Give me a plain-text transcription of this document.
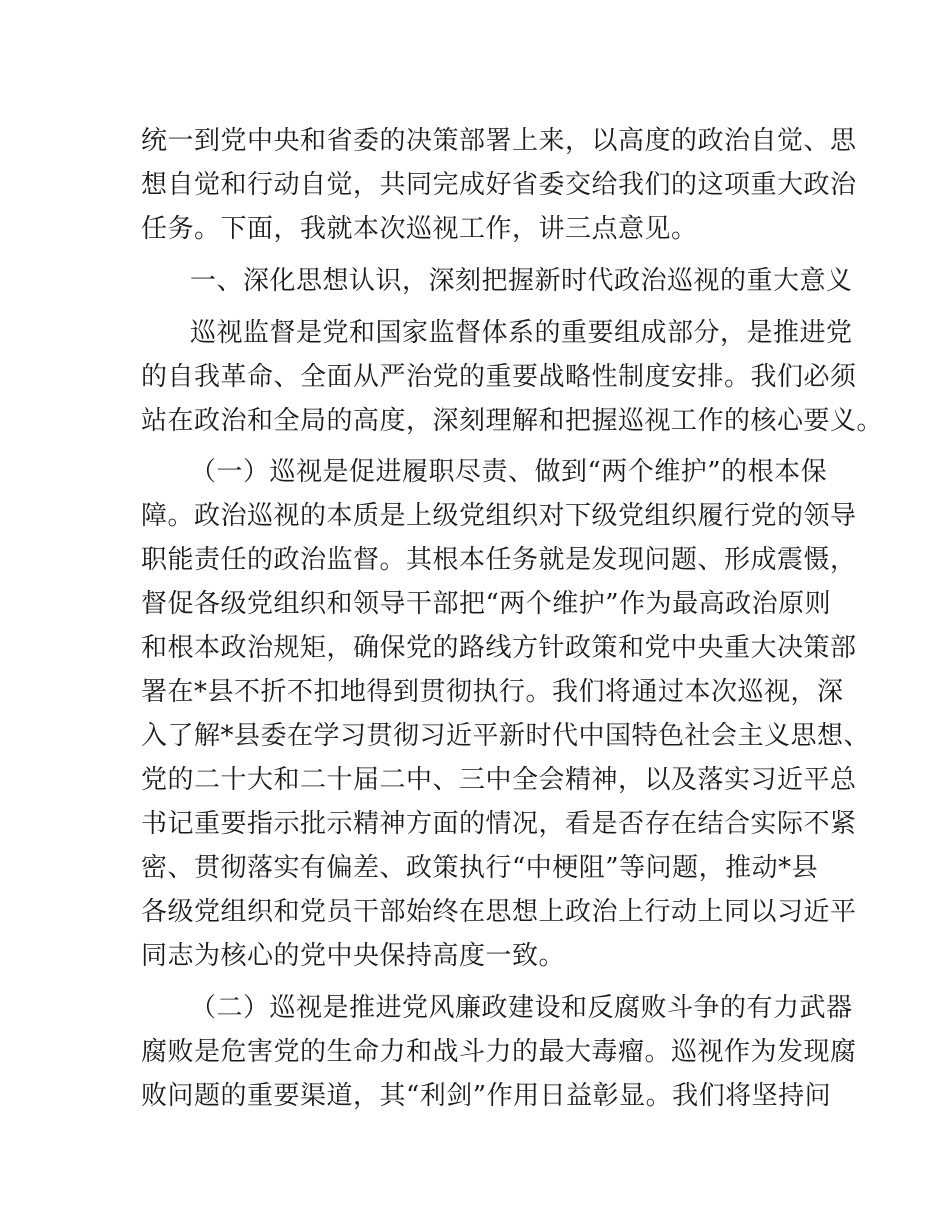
统一到党中央和省委的决策部署上来，以高度的政治自觉、思
想自觉和行动自觉，共同完成好省委交给我们的这项重大政治
任务。下面，我就本次巡视工作，讲三点意见。
一、深化思想认识，深刻把握新时代政治巡视的重大意义
巡视监督是党和国家监督体系的重要组成部分，是推进党
的自我革命、全面从严治党的重要战略性制度安排。我们必须
站在政治和全局的高度，深刻理解和把握巡视工作的核心要义。
（一）巡视是促进履职尽责、做到“两个维护”的根本保
障。政治巡视的本质是上级党组织对下级党组织履行党的领导
职能责任的政治监督。其根本任务就是发现问题、形成震慑，
督促各级党组织和领导干部把“两个维护”作为最高政治原则
和根本政治规矩，确保党的路线方针政策和党中央重大决策部
署在*县不折不扣地得到贯彻执行。我们将通过本次巡视，深
入了解*县委在学习贯彻习近平新时代中国特色社会主义思想、
党的二十大和二十届二中、三中全会精神，以及落实习近平总
书记重要指示批示精神方面的情况，看是否存在结合实际不紧
密、贯彻落实有偏差、政策执行“中梗阻”等问题，推动*县
各级党组织和党员干部始终在思想上政治上行动上同以习近平
同志为核心的党中央保持高度一致。
（二）巡视是推进党风廉政建设和反腐败斗争的有力武器
腐败是危害党的生命力和战斗力的最大毒瘤。巡视作为发现腐
败问题的重要渠道，其“利剑”作用日益彰显。我们将坚持问
